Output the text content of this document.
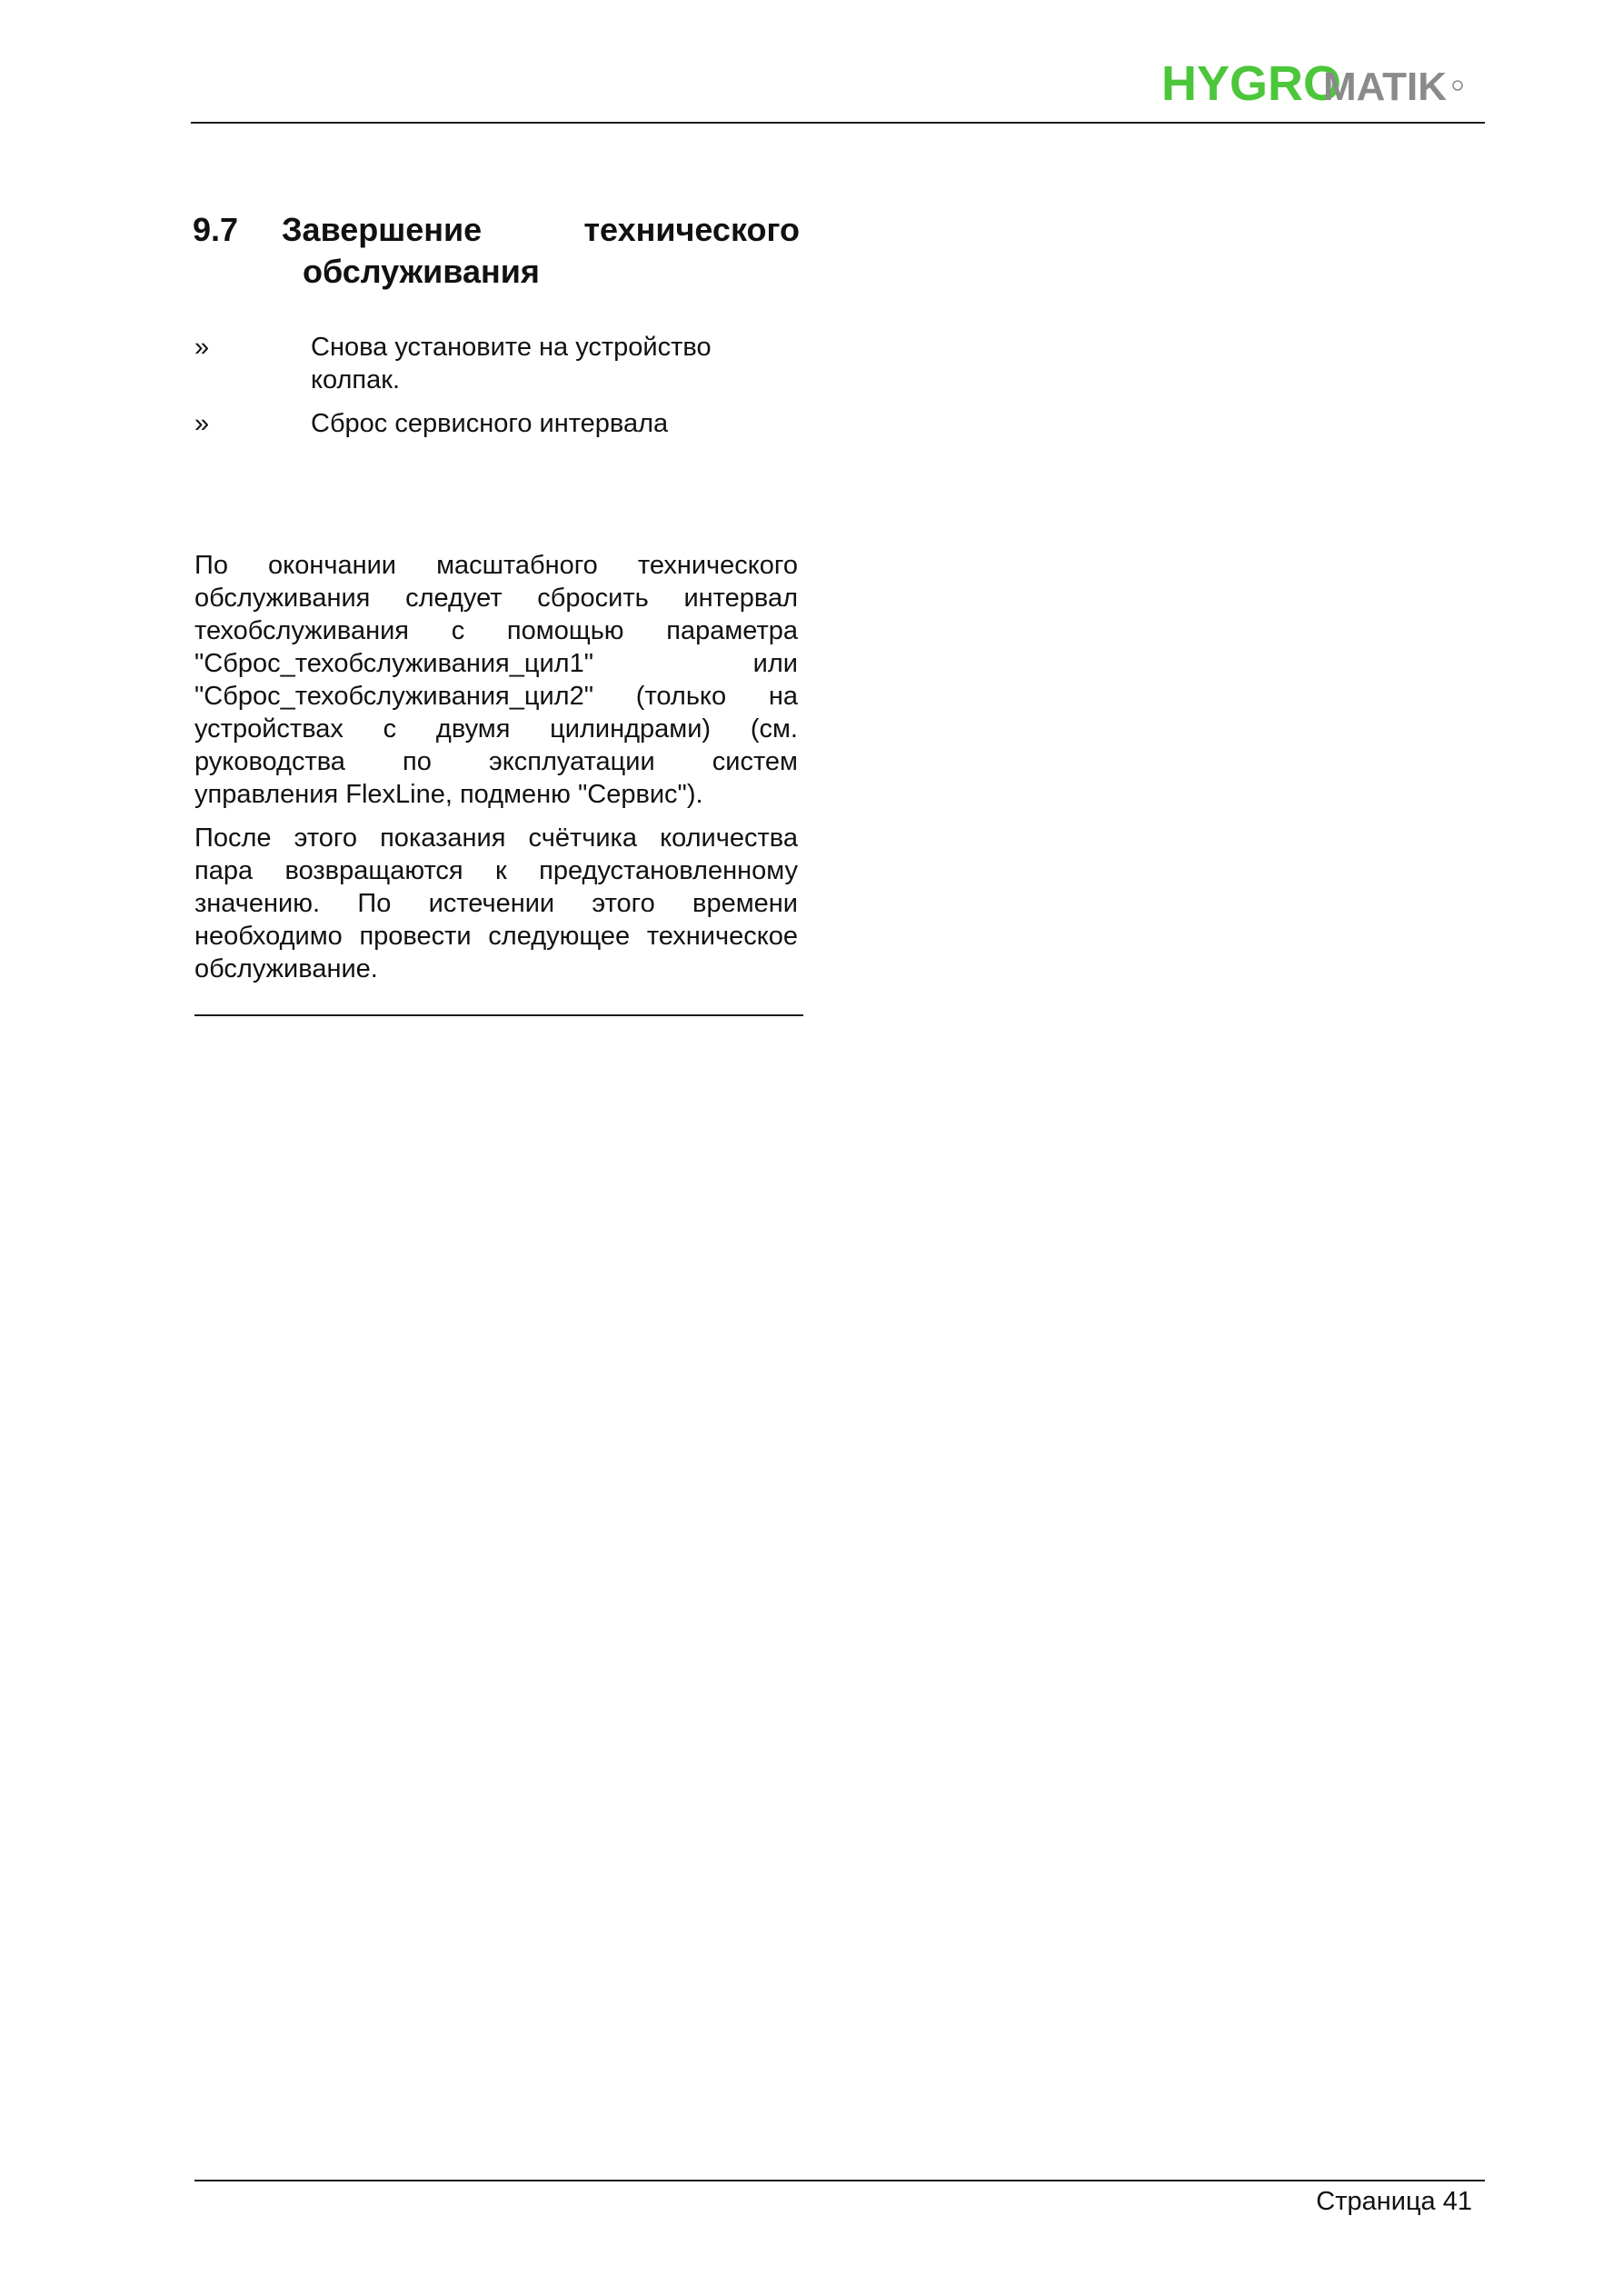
HYGRO
MATIK
9.7 Завершение технического
обслуживания
»	Снова установите на устройство колпак.
»	Сброс сервисного интервала

По окончании масштабного технического обслуживания следует сбросить интервал техобслуживания с помощью параметра "Сброс_техобслуживания_цил1" или "Сброс_техобслуживания_цил2" (только на устройствах с двумя цилиндрами) (см. руководства по эксплуатации систем управления FlexLine, подменю "Сервис").

После этого показания счётчика количества пара возвращаются к предустановленному значению. По истечении этого времени необходимо провести следующее техническое обслуживание.

Страница 41
